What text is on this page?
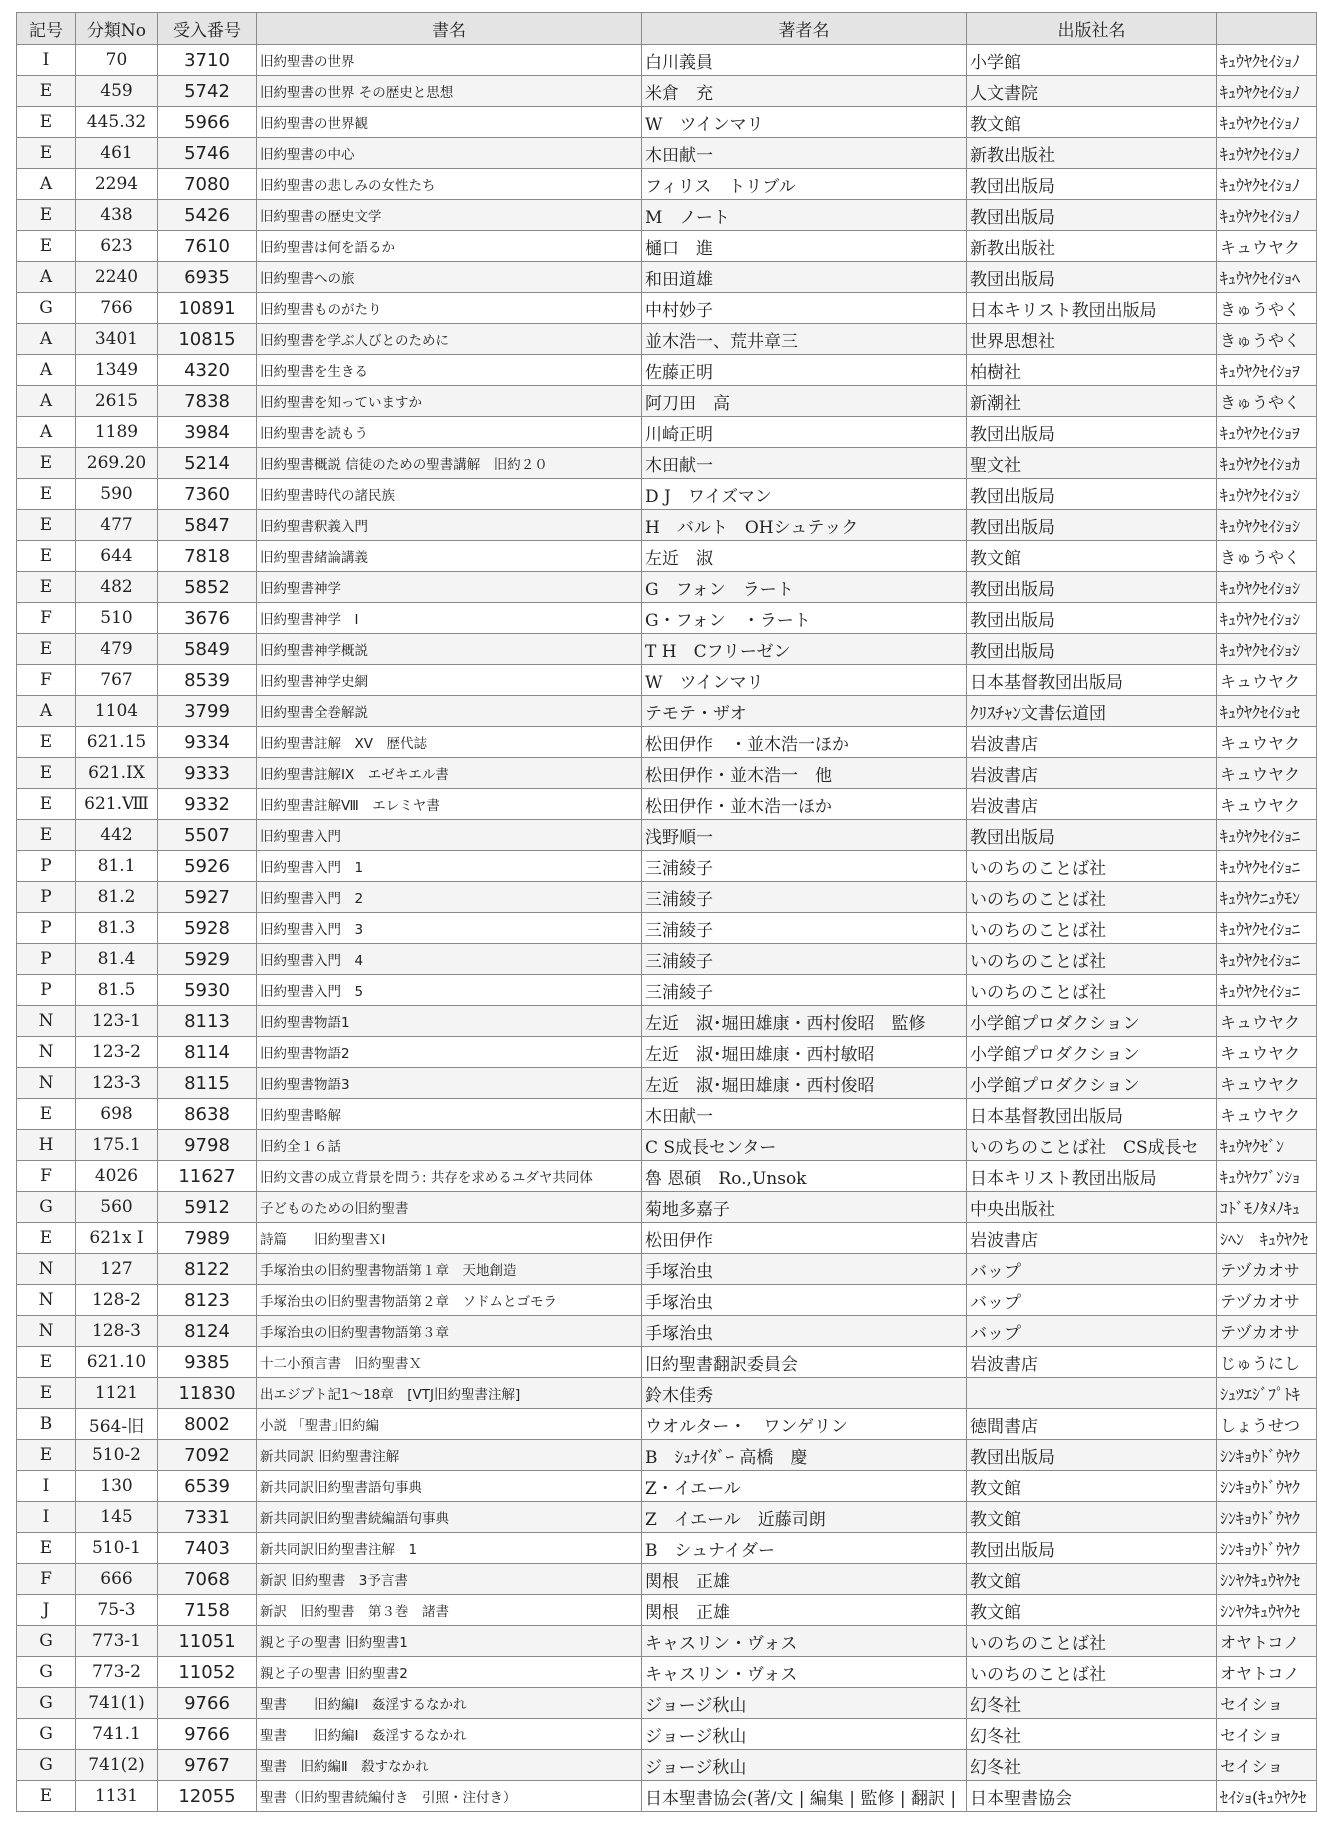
記号	分類No	受入番号	書名	著者名	出版社名	
I	70	3710	旧約聖書の世界	白川義員	小学館	ｷｭｳﾔｸｾｲｼｮﾉ
E	459	5742	旧約聖書の世界 その歴史と思想	米倉　充	人文書院	ｷｭｳﾔｸｾｲｼｮﾉ
E	445.32	5966	旧約聖書の世界観	W　ツインマリ	教文館	ｷｭｳﾔｸｾｲｼｮﾉ
E	461	5746	旧約聖書の中心	木田献一	新教出版社	ｷｭｳﾔｸｾｲｼｮﾉ
A	2294	7080	旧約聖書の悲しみの女性たち	フィリス　トリブル	教団出版局	ｷｭｳﾔｸｾｲｼｮﾉ
E	438	5426	旧約聖書の歴史文学	M　ノート	教団出版局	ｷｭｳﾔｸｾｲｼｮﾉ
E	623	7610	旧約聖書は何を語るか	樋口　進	新教出版社	キュウヤク
A	2240	6935	旧約聖書への旅	和田道雄	教団出版局	ｷｭｳﾔｸｾｲｼｮﾍ
G	766	10891	旧約聖書ものがたり	中村妙子	日本キリスト教団出版局	きゅうやく
A	3401	10815	旧約聖書を学ぶ人びとのために	並木浩一、荒井章三	世界思想社	きゅうやく
A	1349	4320	旧約聖書を生きる	佐藤正明	柏樹社	ｷｭｳﾔｸｾｲｼｮｦ
A	2615	7838	旧約聖書を知っていますか	阿刀田　高	新潮社	きゅうやく
A	1189	3984	旧約聖書を読もう	川崎正明	教団出版局	ｷｭｳﾔｸｾｲｼｮｦ
E	269.20	5214	旧約聖書概説 信徒のための聖書講解　旧約２０	木田献一	聖文社	ｷｭｳﾔｸｾｲｼｮｶ
E	590	7360	旧約聖書時代の諸民族	D J　ワイズマン	教団出版局	ｷｭｳﾔｸｾｲｼｮｼ
E	477	5847	旧約聖書釈義入門	H　バルト　OHシュテック	教団出版局	ｷｭｳﾔｸｾｲｼｮｼ
E	644	7818	旧約聖書緒論講義	左近　淑	教文館	きゅうやく
E	482	5852	旧約聖書神学	G　フォン　ラート	教団出版局	ｷｭｳﾔｸｾｲｼｮｼ
F	510	3676	旧約聖書神学　Ⅰ	G・フォン　・ラート	教団出版局	ｷｭｳﾔｸｾｲｼｮｼ
E	479	5849	旧約聖書神学概説	T H　Cフリーゼン	教団出版局	ｷｭｳﾔｸｾｲｼｮｼ
F	767	8539	旧約聖書神学史網	W　ツインマリ	日本基督教団出版局	キュウヤク
A	1104	3799	旧約聖書全巻解説	テモテ・ザオ	ｸﾘｽﾁｬﾝ文書伝道団	ｷｭｳﾔｸｾｲｼｮｾ
E	621.15	9334	旧約聖書註解　XV　歴代誌	松田伊作　・並木浩一ほか	岩波書店	キュウヤク
E	621.IX	9333	旧約聖書註解IX　エゼキエル書	松田伊作・並木浩一　他	岩波書店	キュウヤク
E	621.Ⅷ	9332	旧約聖書註解Ⅷ　エレミヤ書	松田伊作・並木浩一ほか	岩波書店	キュウヤク
E	442	5507	旧約聖書入門	浅野順一	教団出版局	ｷｭｳﾔｸｾｲｼｮﾆ
P	81.1	5926	旧約聖書入門　1	三浦綾子	いのちのことば社	ｷｭｳﾔｸｾｲｼｮﾆ
P	81.2	5927	旧約聖書入門　2	三浦綾子	いのちのことば社	ｷｭｳﾔｸﾆｭｳﾓﾝ
P	81.3	5928	旧約聖書入門　3	三浦綾子	いのちのことば社	ｷｭｳﾔｸｾｲｼｮﾆ
P	81.4	5929	旧約聖書入門　4	三浦綾子	いのちのことば社	ｷｭｳﾔｸｾｲｼｮﾆ
P	81.5	5930	旧約聖書入門　5	三浦綾子	いのちのことば社	ｷｭｳﾔｸｾｲｼｮﾆ
N	123-1	8113	旧約聖書物語1	左近　淑･堀田雄康・西村俊昭　監修	小学館プロダクション	キュウヤク
N	123-2	8114	旧約聖書物語2	左近　淑･堀田雄康・西村敏昭	小学館プロダクション	キュウヤク
N	123-3	8115	旧約聖書物語3	左近　淑･堀田雄康・西村俊昭	小学館プロダクション	キュウヤク
E	698	8638	旧約聖書略解	木田献一	日本基督教団出版局	キュウヤク
H	175.1	9798	旧約全１６話	C S成長センター	いのちのことば社　CS成長セ	ｷｭｳﾔｸｾﾞﾝ
F	4026	11627	旧約文書の成立背景を問う: 共存を求めるユダヤ共同体	魯 恩碩　Ro.,Unsok	日本キリスト教団出版局	ｷｭｳﾔｸﾌﾞﾝｼｮ
G	560	5912	子どものための旧約聖書	菊地多嘉子	中央出版社	ｺﾄﾞﾓﾉﾀﾒﾉｷｭ
E	621x I	7989	詩篇　　旧約聖書ＸⅠ	松田伊作	岩波書店	ｼﾍﾝ　ｷｭｳﾔｸｾ
N	127	8122	手塚治虫の旧約聖書物語第１章　天地創造	手塚治虫	バップ	テヅカオサ
N	128-2	8123	手塚治虫の旧約聖書物語第２章　ソドムとゴモラ	手塚治虫	バップ	テヅカオサ
N	128-3	8124	手塚治虫の旧約聖書物語第３章	手塚治虫	バップ	テヅカオサ
E	621.10	9385	十二小預言書　旧約聖書Ｘ	旧約聖書翻訳委員会	岩波書店	じゅうにし
E	1121	11830	出エジプト記1～18章　[VTJ旧約聖書注解]	鈴木佳秀		ｼｭﾂｴｼﾞﾌﾟﾄｷ
B	564-旧	8002	小説 「聖書｣旧約編	ウオルター・　ワンゲリン	徳間書店	しょうせつ
E	510-2	7092	新共同訳 旧約聖書注解	B　ｼｭﾅｲﾀﾞｰ 高橋　慶	教団出版局	ｼﾝｷｮｳﾄﾞｳﾔｸ
I	130	6539	新共同訳旧約聖書語句事典	Z・イエール	教文館	ｼﾝｷｮｳﾄﾞｳﾔｸ
I	145	7331	新共同訳旧約聖書続編語句事典	Z　イエール　近藤司朗	教文館	ｼﾝｷｮｳﾄﾞｳﾔｸ
E	510-1	7403	新共同訳旧約聖書注解　1	B　シュナイダー	教団出版局	ｼﾝｷｮｳﾄﾞｳﾔｸ
F	666	7068	新訳 旧約聖書　3予言書	関根　正雄	教文館	ｼﾝﾔｸｷｭｳﾔｸｾ
J	75-3	7158	新訳　旧約聖書　第３巻　諸書	関根　正雄	教文館	ｼﾝﾔｸｷｭｳﾔｸｾ
G	773-1	11051	親と子の聖書 旧約聖書1	キャスリン・ヴォス	いのちのことば社	オヤトコノ
G	773-2	11052	親と子の聖書 旧約聖書2	キャスリン・ヴォス	いのちのことば社	オヤトコノ
G	741(1)	9766	聖書　　旧約編Ⅰ　姦淫するなかれ	ジョージ秋山	幻冬社	セイショ
G	741.1	9766	聖書　　旧約編Ⅰ　姦淫するなかれ	ジョージ秋山	幻冬社	セイショ
G	741(2)	9767	聖書　旧約編Ⅱ　殺すなかれ	ジョージ秋山	幻冬社	セイショ
E	1131	12055	聖書（旧約聖書続編付き　引照・注付き）	日本聖書協会(著/文 | 編集 | 監修 | 翻訳 |	日本聖書協会	ｾｲｼｮ(ｷｭｳﾔｸｾ
